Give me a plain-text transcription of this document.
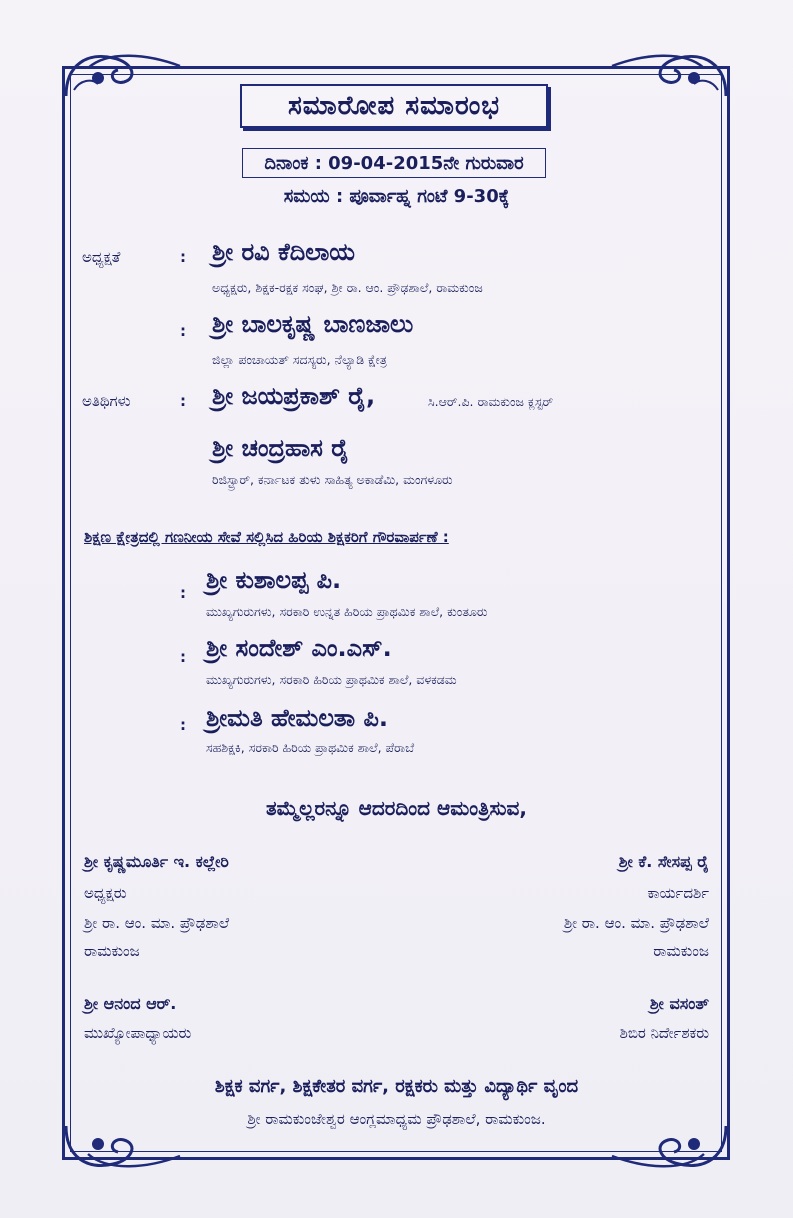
ಸಮಾರೋಪ ಸಮಾರಂಭ
ದಿನಾಂಕ : 09-04-2015ನೇ ಗುರುವಾರ
ಸಮಯ : ಪೂರ್ವಾಹ್ನ ಗಂಟೆ 9-30ಕ್ಕೆ
ಅಧ್ಯಕ್ಷತೆ	: ಶ್ರೀ ರವಿ ಕೆದಿಲಾಯ
ಅಧ್ಯಕ್ಷರು, ಶಿಕ್ಷಕ-ರಕ್ಷಕ ಸಂಘ, ಶ್ರೀ ರಾ. ಆಂ. ಪ್ರೌಢಶಾಲೆ, ರಾಮಕುಂಜ
: ಶ್ರೀ ಬಾಲಕೃಷ್ಣ ಬಾಣಜಾಲು
ಜಿಲ್ಲಾ ಪಂಚಾಯತ್ ಸದಸ್ಯರು, ನೆಲ್ಯಾಡಿ ಕ್ಷೇತ್ರ
ಅತಿಥಿಗಳು	: ಶ್ರೀ ಜಯಪ್ರಕಾಶ್ ರೈ,	ಸಿ.ಆರ್.ಪಿ. ರಾಮಕುಂಜ ಕ್ಲಸ್ಟರ್
ಶ್ರೀ ಚಂದ್ರಹಾಸ ರೈ
ರಿಜಿಸ್ಟ್ರಾರ್, ಕರ್ನಾಟಕ ತುಳು ಸಾಹಿತ್ಯ ಅಕಾಡೆಮಿ, ಮಂಗಳೂರು
ಶಿಕ್ಷಣ ಕ್ಷೇತ್ರದಲ್ಲಿ ಗಣನೀಯ ಸೇವೆ ಸಲ್ಲಿಸಿದ ಹಿರಿಯ ಶಿಕ್ಷಕರಿಗೆ ಗೌರವಾರ್ಪಣೆ :
: ಶ್ರೀ ಕುಶಾಲಪ್ಪ ಪಿ.
ಮುಖ್ಯಗುರುಗಳು, ಸರಕಾರಿ ಉನ್ನತ ಹಿರಿಯ ಪ್ರಾಥಮಿಕ ಶಾಲೆ, ಕುಂತೂರು
: ಶ್ರೀ ಸಂದೇಶ್ ಎಂ.ಎಸ್.
ಮುಖ್ಯಗುರುಗಳು, ಸರಕಾರಿ ಹಿರಿಯ ಪ್ರಾಥಮಿಕ ಶಾಲೆ, ವಳಕಡಮ
: ಶ್ರೀಮತಿ ಹೇಮಲತಾ ಪಿ.
ಸಹಶಿಕ್ಷಕಿ, ಸರಕಾರಿ ಹಿರಿಯ ಪ್ರಾಥಮಿಕ ಶಾಲೆ, ಪೆರಾಬೆ
ತಮ್ಮೆಲ್ಲರನ್ನೂ ಆದರದಿಂದ ಆಮಂತ್ರಿಸುವ,
ಶ್ರೀ ಕೃಷ್ಣಮೂರ್ತಿ ಇ. ಕಲ್ಲೇರಿ
ಅಧ್ಯಕ್ಷರು
ಶ್ರೀ ರಾ. ಆಂ. ಮಾ. ಪ್ರೌಢಶಾಲೆ
ರಾಮಕುಂಜ
ಶ್ರೀ ಕೆ. ಸೇಸಪ್ಪ ರೈ
ಕಾರ್ಯದರ್ಶಿ
ಶ್ರೀ ರಾ. ಆಂ. ಮಾ. ಪ್ರೌಢಶಾಲೆ
ರಾಮಕುಂಜ
ಶ್ರೀ ಆನಂದ ಆರ್.
ಮುಖ್ಯೋಪಾಧ್ಯಾಯರು
ಶ್ರೀ ವಸಂತ್
ಶಿಬಿರ ನಿರ್ದೇಶಕರು
ಶಿಕ್ಷಕ ವರ್ಗ, ಶಿಕ್ಷಕೇತರ ವರ್ಗ, ರಕ್ಷಕರು ಮತ್ತು ವಿದ್ಯಾರ್ಥಿ ವೃಂದ
ಶ್ರೀ ರಾಮಕುಂಜೇಶ್ವರ ಆಂಗ್ಲಮಾಧ್ಯಮ ಪ್ರೌಢಶಾಲೆ, ರಾಮಕುಂಜ.
